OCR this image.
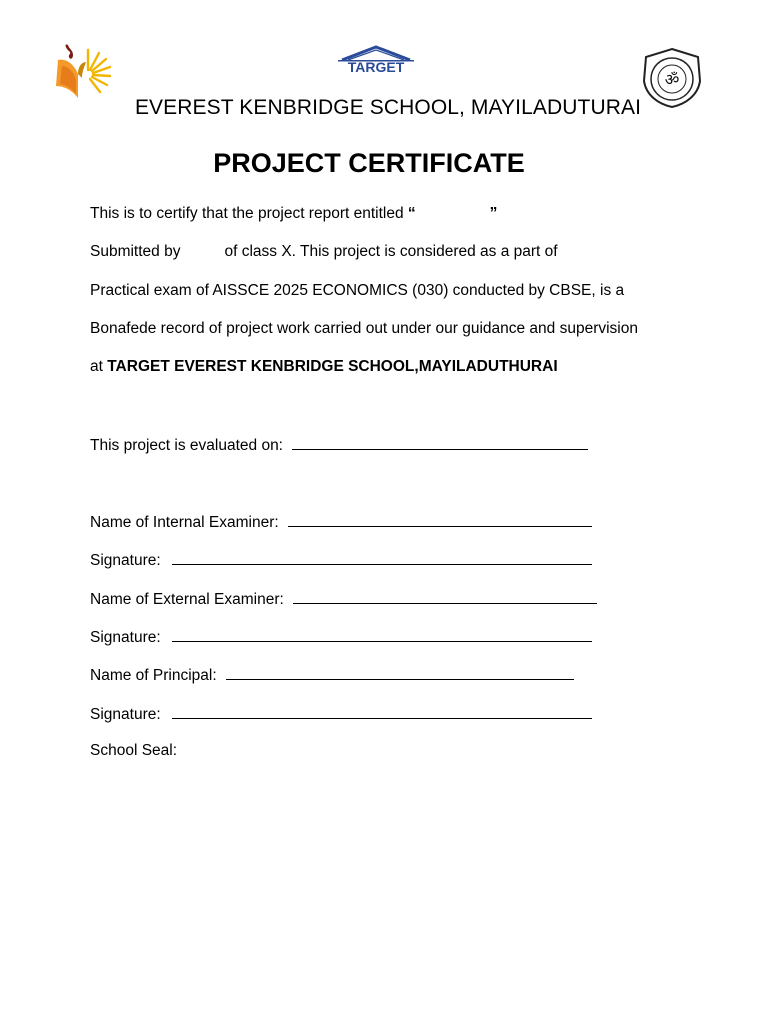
TARGET
ॐ
EVEREST KENBRIDGE SCHOOL, MAYILADUTURAI
PROJECT CERTIFICATE
This is to certify that the project report entitled “	”
Submitted by	of class X. This project is considered as a part of
Practical exam of AISSCE 2025 ECONOMICS (030) conducted by CBSE, is a
Bonafede record of project work carried out under our guidance and supervision
at TARGET EVEREST KENBRIDGE SCHOOL,MAYILADUTHURAI
This project is evaluated on:
Name of Internal Examiner:
Signature:
Name of External Examiner:
Signature:
Name of Principal:
Signature:
School Seal:
